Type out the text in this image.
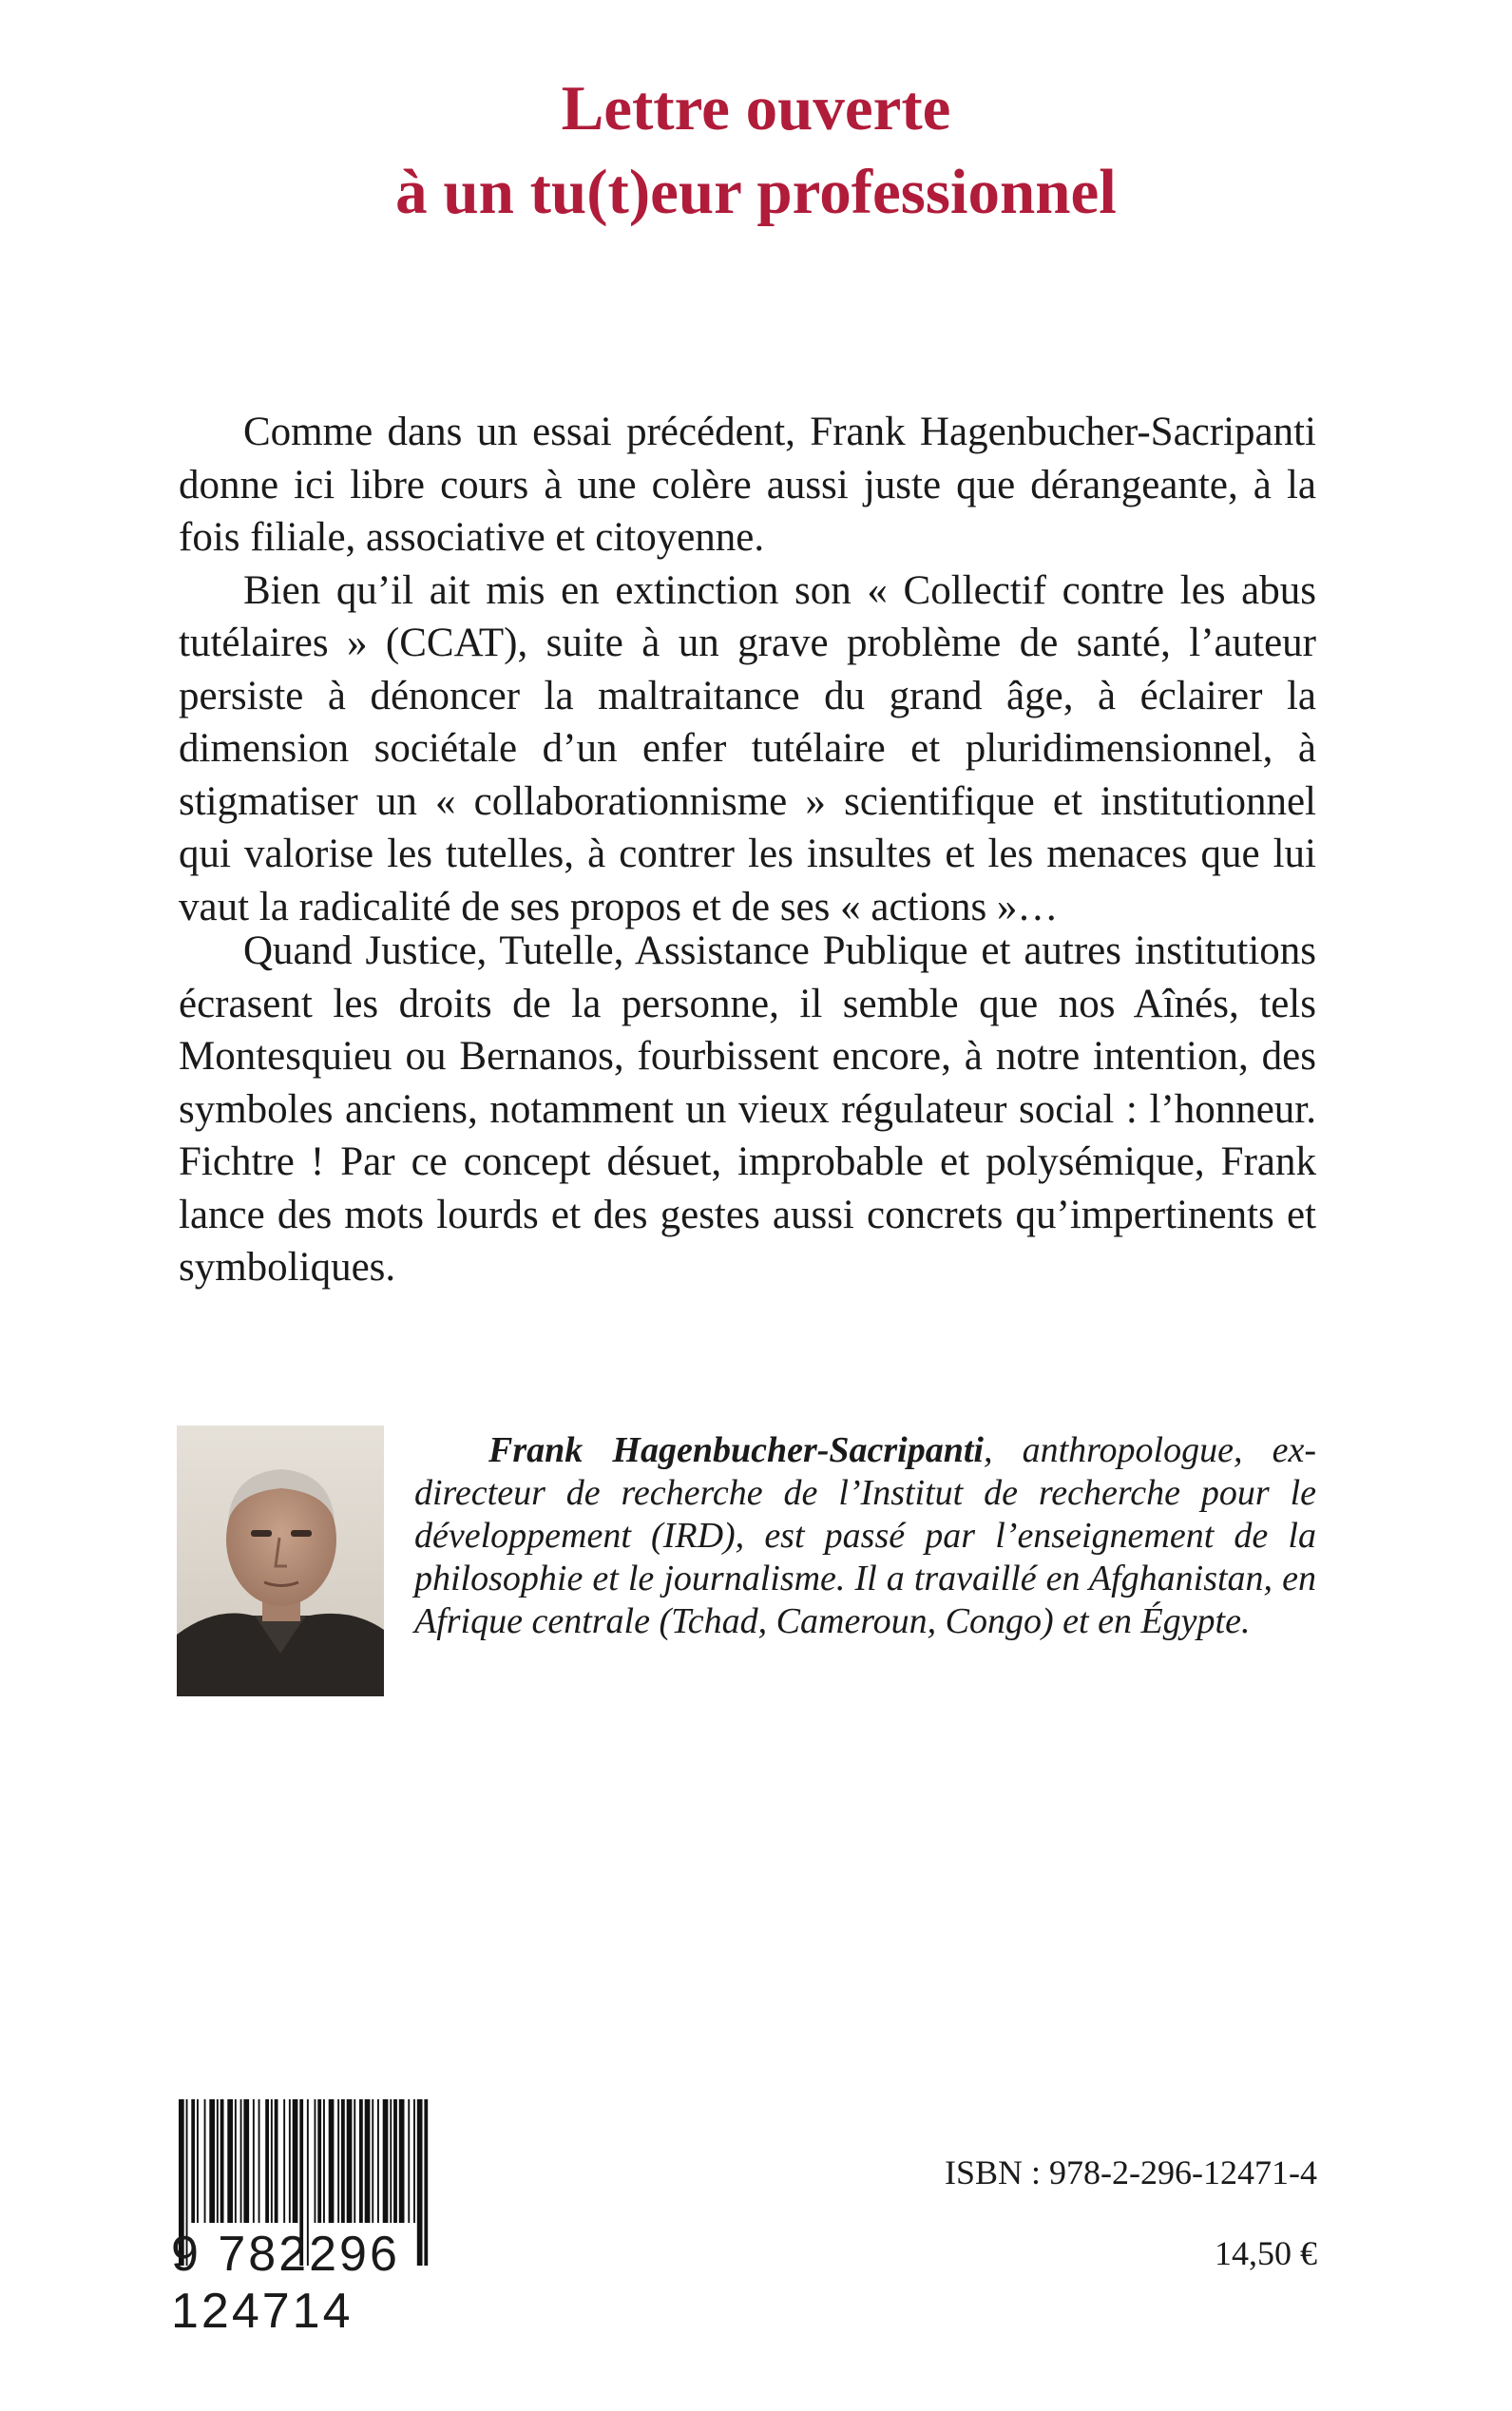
Lettre ouverte
à un tu(t)eur professionnel

Comme dans un essai précédent, Frank Hagenbucher-Sacripanti donne ici libre cours à une colère aussi juste que dérangeante, à la fois filiale, associative et citoyenne.

Bien qu’il ait mis en extinction son « Collectif contre les abus tutélaires » (CCAT), suite à un grave problème de santé, l’auteur persiste à dénoncer la maltraitance du grand âge, à éclairer la dimension sociétale d’un enfer tutélaire et pluridimensionnel, à stigmatiser un « collaborationnisme » scientifique et institutionnel qui valorise les tutelles, à contrer les insultes et les menaces que lui vaut la radicalité de ses propos et de ses « actions »…

Quand Justice, Tutelle, Assistance Publique et autres institutions écrasent les droits de la personne, il semble que nos Aînés, tels Montesquieu ou Bernanos, fourbissent encore, à notre intention, des symboles anciens, notamment un vieux régulateur social : l’honneur. Fichtre ! Par ce concept désuet, improbable et polysémique, Frank lance des mots lourds et des gestes aussi concrets qu’impertinents et symboliques.

Frank Hagenbucher-Sacripanti, anthropologue, ex-directeur de recherche de l’Institut de recherche pour le développement (IRD), est passé par l’enseignement de la philosophie et le journalisme. Il a travaillé en Afghanistan, en Afrique centrale (Tchad, Cameroun, Congo) et en Égypte.

9 782296 124714
ISBN : 978-2-296-12471-4
14,50 €
